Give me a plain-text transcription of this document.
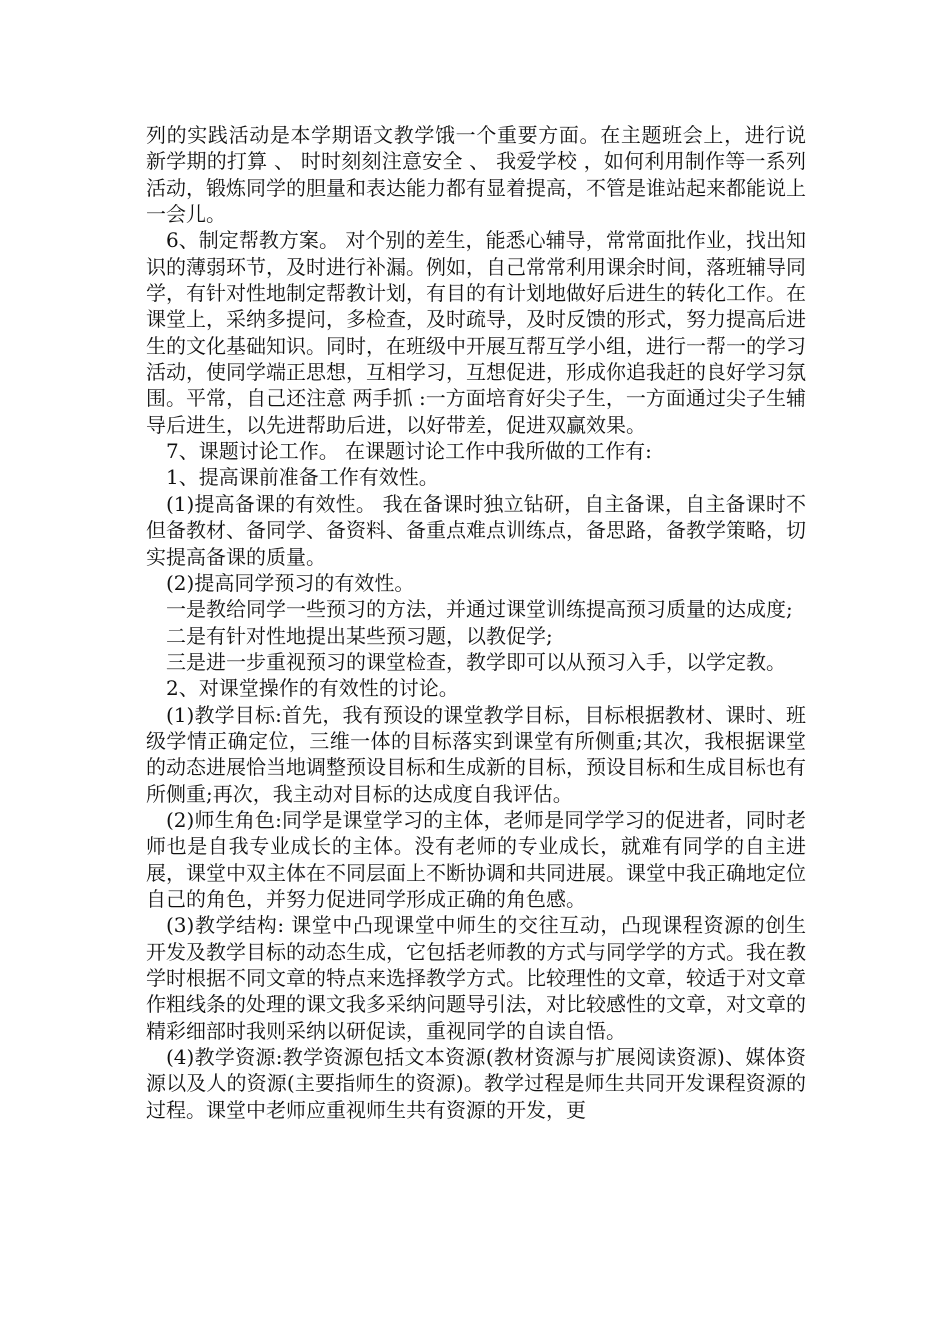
列的实践活动是本学期语文教学饿一个重要方面。在主题班会上，进行说 新学期的打算 、 时时刻刻注意安全 、 我爱学校 ，如何利用制作等一系列活动，锻炼同学的胆量和表达能力都有显着提高，不管是谁站起来都能说上一会儿。

6、制定帮教方案。 对个别的差生，能悉心辅导，常常面批作业，找出知识的薄弱环节，及时进行补漏。例如，自己常常利用课余时间，落班辅导同学，有针对性地制定帮教计划，有目的有计划地做好后进生的转化工作。在课堂上，采纳多提问，多检查，及时疏导，及时反馈的形式，努力提高后进生的文化基础知识。同时，在班级中开展互帮互学小组，进行一帮一的学习活动，使同学端正思想，互相学习，互想促进，形成你追我赶的良好学习氛围。平常，自己还注意 两手抓 :一方面培育好尖子生，一方面通过尖子生辅导后进生，以先进帮助后进，以好带差，促进双赢效果。

7、课题讨论工作。 在课题讨论工作中我所做的工作有:

1、提高课前准备工作有效性。

(1)提高备课的有效性。 我在备课时独立钻研，自主备课，自主备课时不但备教材、备同学、备资料、备重点难点训练点，备思路，备教学策略，切实提高备课的质量。

(2)提高同学预习的有效性。

一是教给同学一些预习的方法，并通过课堂训练提高预习质量的达成度;

二是有针对性地提出某些预习题，以教促学;

三是进一步重视预习的课堂检查，教学即可以从预习入手，以学定教。

2、对课堂操作的有效性的讨论。

(1)教学目标:首先，我有预设的课堂教学目标，目标根据教材、课时、班级学情正确定位，三维一体的目标落实到课堂有所侧重;其次，我根据课堂的动态进展恰当地调整预设目标和生成新的目标，预设目标和生成目标也有所侧重;再次，我主动对目标的达成度自我评估。

(2)师生角色:同学是课堂学习的主体，老师是同学学习的促进者，同时老师也是自我专业成长的主体。没有老师的专业成长，就难有同学的自主进展，课堂中双主体在不同层面上不断协调和共同进展。课堂中我正确地定位自己的角色，并努力促进同学形成正确的角色感。

(3)教学结构: 课堂中凸现课堂中师生的交往互动，凸现课程资源的创生开发及教学目标的动态生成，它包括老师教的方式与同学学的方式。我在教学时根据不同文章的特点来选择教学方式。比较理性的文章，较适于对文章作粗线条的处理的课文我多采纳问题导引法，对比较感性的文章，对文章的精彩细部时我则采纳以研促读，重视同学的自读自悟。

(4)教学资源:教学资源包括文本资源(教材资源与扩展阅读资源)、媒体资源以及人的资源(主要指师生的资源)。教学过程是师生共同开发课程资源的过程。课堂中老师应重视师生共有资源的开发，更
